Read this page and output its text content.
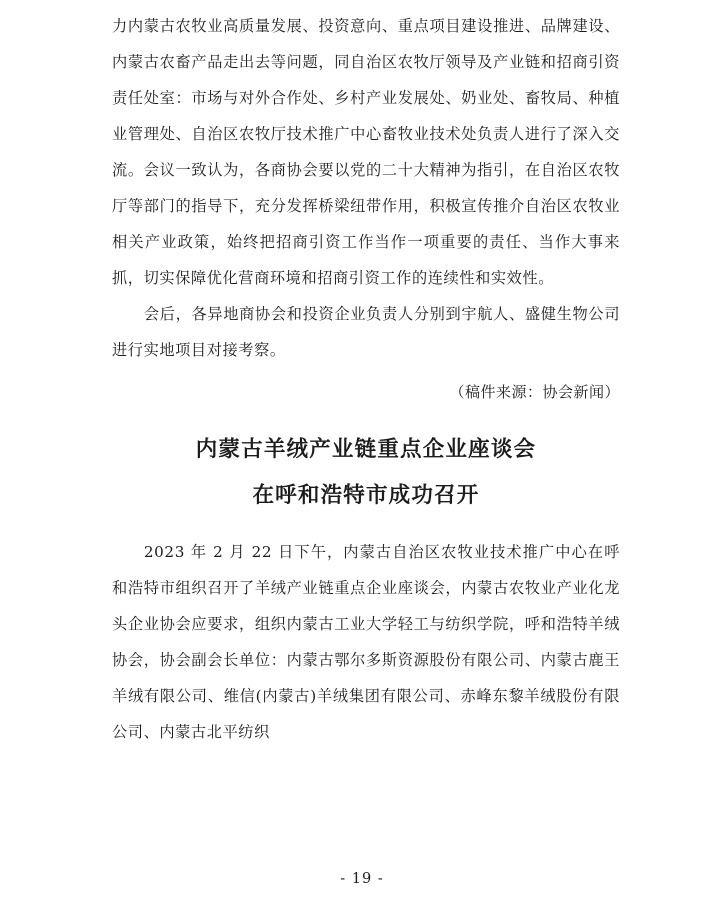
力内蒙古农牧业高质量发展、投资意向、重点项目建设推进、品牌建设、内蒙古农畜产品走出去等问题，同自治区农牧厅领导及产业链和招商引资责任处室：市场与对外合作处、乡村产业发展处、奶业处、畜牧局、种植业管理处、自治区农牧厅技术推广中心畜牧业技术处负责人进行了深入交流。会议一致认为，各商协会要以党的二十大精神为指引，在自治区农牧厅等部门的指导下，充分发挥桥梁纽带作用，积极宣传推介自治区农牧业相关产业政策，始终把招商引资工作当作一项重要的责任、当作大事来抓，切实保障优化营商环境和招商引资工作的连续性和实效性。

会后，各异地商协会和投资企业负责人分别到宇航人、盛健生物公司进行实地项目对接考察。

（稿件来源：协会新闻）

内蒙古羊绒产业链重点企业座谈会
在呼和浩特市成功召开

2023 年 2 月 22 日下午，内蒙古自治区农牧业技术推广中心在呼和浩特市组织召开了羊绒产业链重点企业座谈会，内蒙古农牧业产业化龙头企业协会应要求，组织内蒙古工业大学轻工与纺织学院，呼和浩特羊绒协会，协会副会长单位：内蒙古鄂尔多斯资源股份有限公司、内蒙古鹿王羊绒有限公司、维信(内蒙古)羊绒集团有限公司、赤峰东黎羊绒股份有限公司、内蒙古北平纺织

- 19 -
